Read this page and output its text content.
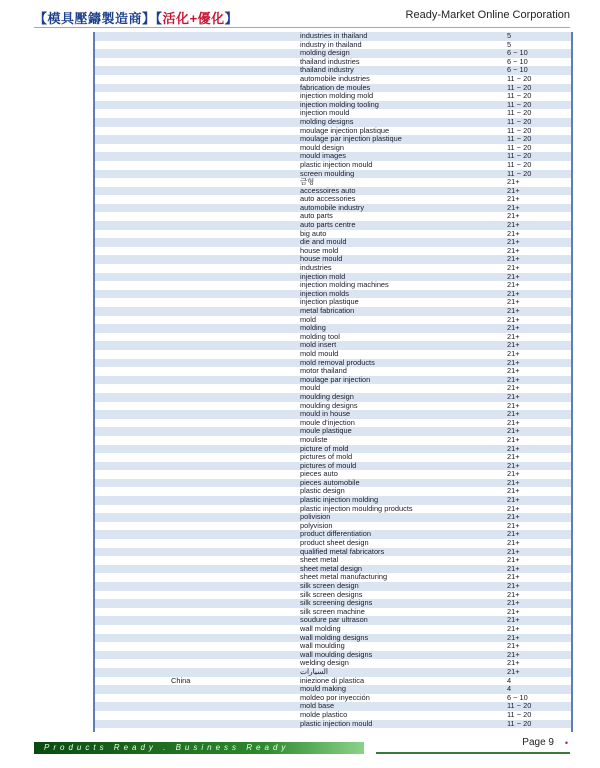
【模具壓鑄製造商】【活化+優化】	Ready-Market Online Corporation
industries in thailand	5
industry in thailand	5
molding design	6 ~ 10
thailand industries	6 ~ 10
thailand industry	6 ~ 10
automobile industries	11 ~ 20
fabrication de moules	11 ~ 20
injection molding mold	11 ~ 20
injection molding tooling	11 ~ 20
injection mould	11 ~ 20
molding designs	11 ~ 20
moulage injection plastique	11 ~ 20
moulage par injection plastique	11 ~ 20
mould design	11 ~ 20
mould images	11 ~ 20
plastic injection mould	11 ~ 20
screen moulding	11 ~ 20
금형	21+
accessoires auto	21+
auto accessories	21+
automobile industry	21+
auto parts	21+
auto parts centre	21+
big auto	21+
die and mould	21+
house mold	21+
house mould	21+
industries	21+
injection mold	21+
injection molding machines	21+
injection molds	21+
injection plastique	21+
metal fabrication	21+
mold	21+
molding	21+
molding tool	21+
mold insert	21+
mold mould	21+
mold removal products	21+
motor thailand	21+
moulage par injection	21+
mould	21+
moulding design	21+
moulding designs	21+
mould in house	21+
moule d'injection	21+
moule plastique	21+
mouliste	21+
picture of mold	21+
pictures of mold	21+
pictures of mould	21+
pieces auto	21+
pieces automobile	21+
plastic design	21+
plastic injection molding	21+
plastic injection moulding products	21+
polivision	21+
polyvision	21+
product differentiation	21+
product sheet design	21+
qualified metal fabricators	21+
sheet metal	21+
sheet metal design	21+
sheet metal manufacturing	21+
silk screen design	21+
silk screen designs	21+
silk screening designs	21+
silk screen machine	21+
soudure par ultrason	21+
wall molding	21+
wall molding designs	21+
wall moulding	21+
wall moulding designs	21+
welding design	21+
السيارات	21+
China	iniezione di plastica	4
mould making	4
moldeo por inyección	6 ~ 10
mold base	11 ~ 20
molde plastico	11 ~ 20
plastic injection mould	11 ~ 20
Products Ready . Business Ready	Page 9 •
